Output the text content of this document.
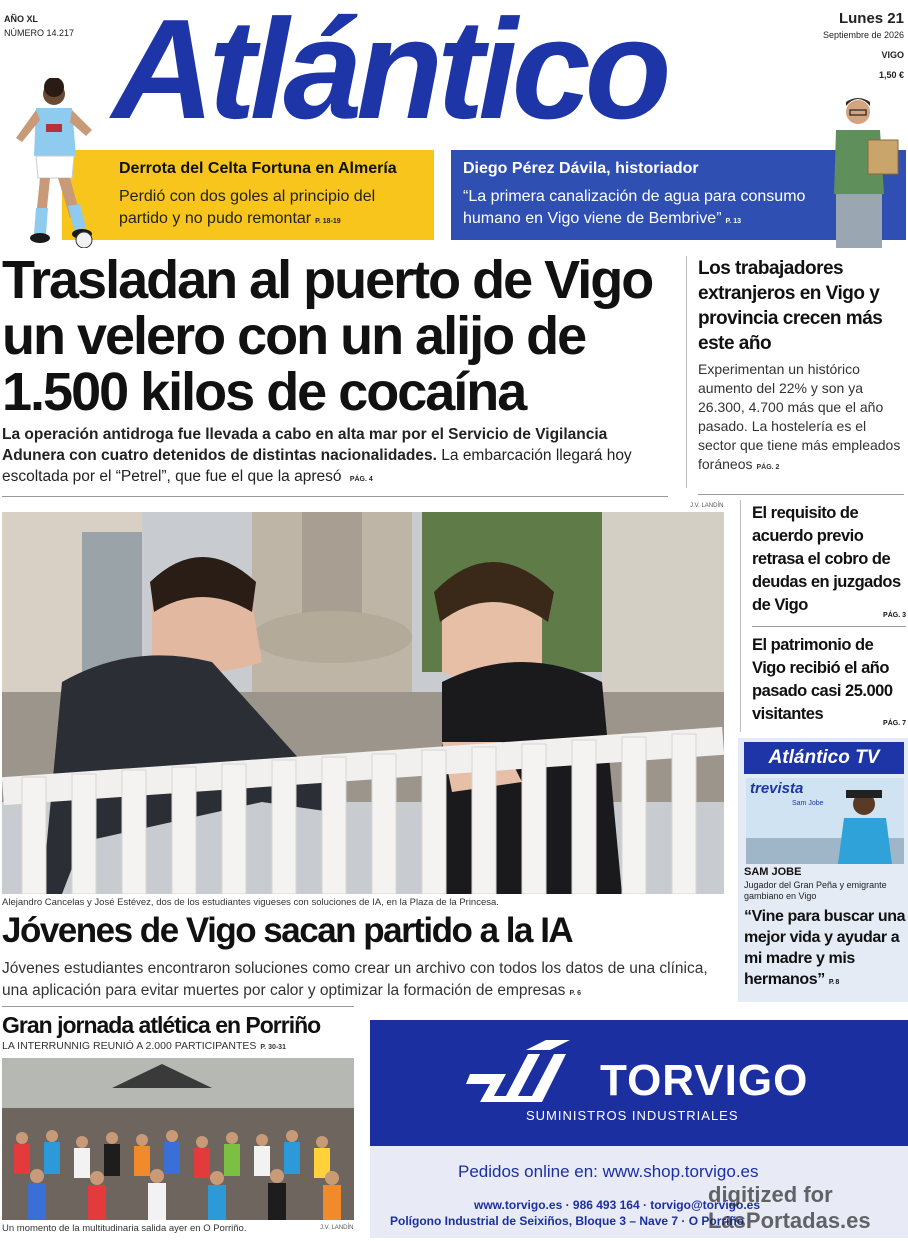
AÑO XL
NÚMERO 14.217 Atlántico	Lunes 21
Septiembre de 2026
VIGO
1,50 €
Derrota del Celta Fortuna en Almería
Perdió con dos goles al principio del partido y no pudo remontar P. 18-19
Diego Pérez Dávila, historiador
“La primera canalización de agua para consumo humano en Vigo viene de Bembrive” P. 13
Trasladan al puerto de Vigo un velero con un alijo de 1.500 kilos de cocaína
La operación antidroga fue llevada a cabo en alta mar por el Servicio de Vigilancia Adunera con cuatro detenidos de distintas nacionalidades. La embarcación llegará hoy escoltada por el “Petrel”, que fue el que la apresó PÁG. 4
Los trabajadores extranjeros en Vigo y provincia crecen más este año
Experimentan un histórico aumento del 22% y son ya 26.300, 4.700 más que el año pasado. La hostelería es el sector que tiene más empleados foráneos PÁG. 2
El requisito de acuerdo previo retrasa el cobro de deudas en juzgados de Vigo
PÁG. 3
El patrimonio de Vigo recibió el año pasado casi 25.000 visitantes
PÁG. 7
Atlántico TV
trevista
Sam Jobe
SAM JOBE
Jugador del Gran Peña y emigrante gambiano en Vigo
“Vine para buscar una mejor vida y ayudar a mi madre y mis hermanos” P. 8
J.V. LANDÍN
Alejandro Cancelas y José Estévez, dos de los estudiantes vigueses con soluciones de IA, en la Plaza de la Princesa.
Jóvenes de Vigo sacan partido a la IA
Jóvenes estudiantes encontraron soluciones como crear un archivo con todos los datos de una clínica, una aplicación para evitar muertes por calor y optimizar la formación de empresas P. 6
Gran jornada atlética en Porriño
LA INTERRUNNIG REUNIÓ A 2.000 PARTICIPANTES P. 30-31
Un momento de la multitudinaria salida ayer en O Porriño.	J.V. LANDÍN
TORVIGO
SUMINISTROS INDUSTRIALES
Pedidos online en: www.shop.torvigo.es
www.torvigo.es · 986 493 164 · torvigo@torvigo.es
Polígono Industrial de Seixiños, Bloque 3 – Nave 7 · O Porriño
digitized for
LasPortadas.es
